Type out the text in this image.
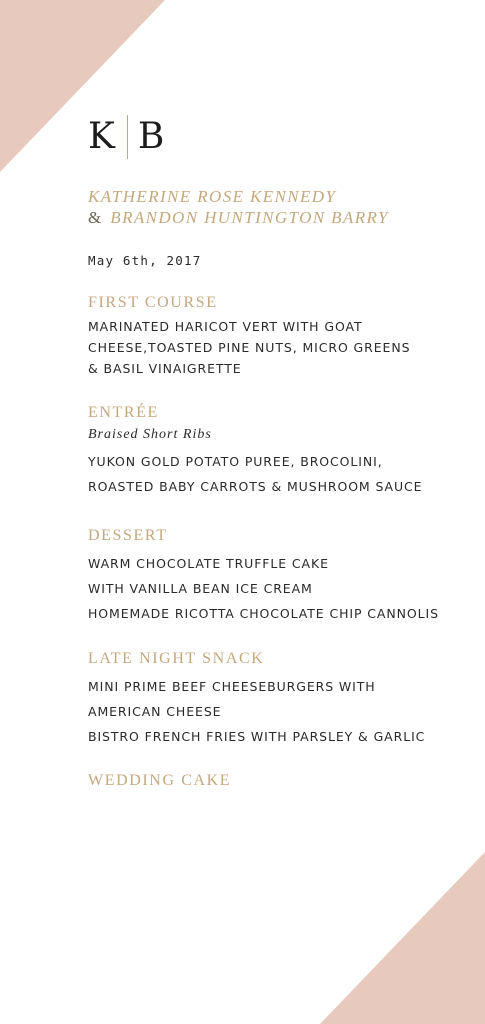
K B
KATHERINE ROSE KENNEDY
& BRANDON HUNTINGTON BARRY
May 6th, 2017
FIRST COURSE
MARINATED HARICOT VERT WITH GOAT
CHEESE,TOASTED PINE NUTS, MICRO GREENS
& BASIL VINAIGRETTE
ENTRÉE
Braised Short Ribs
YUKON GOLD POTATO PUREE, BROCOLINI,
ROASTED BABY CARROTS & MUSHROOM SAUCE
DESSERT
WARM CHOCOLATE TRUFFLE CAKE
WITH VANILLA BEAN ICE CREAM
HOMEMADE RICOTTA CHOCOLATE CHIP CANNOLIS
LATE NIGHT SNACK
MINI PRIME BEEF CHEESEBURGERS WITH
AMERICAN CHEESE
BISTRO FRENCH FRIES WITH PARSLEY & GARLIC
WEDDING CAKE
